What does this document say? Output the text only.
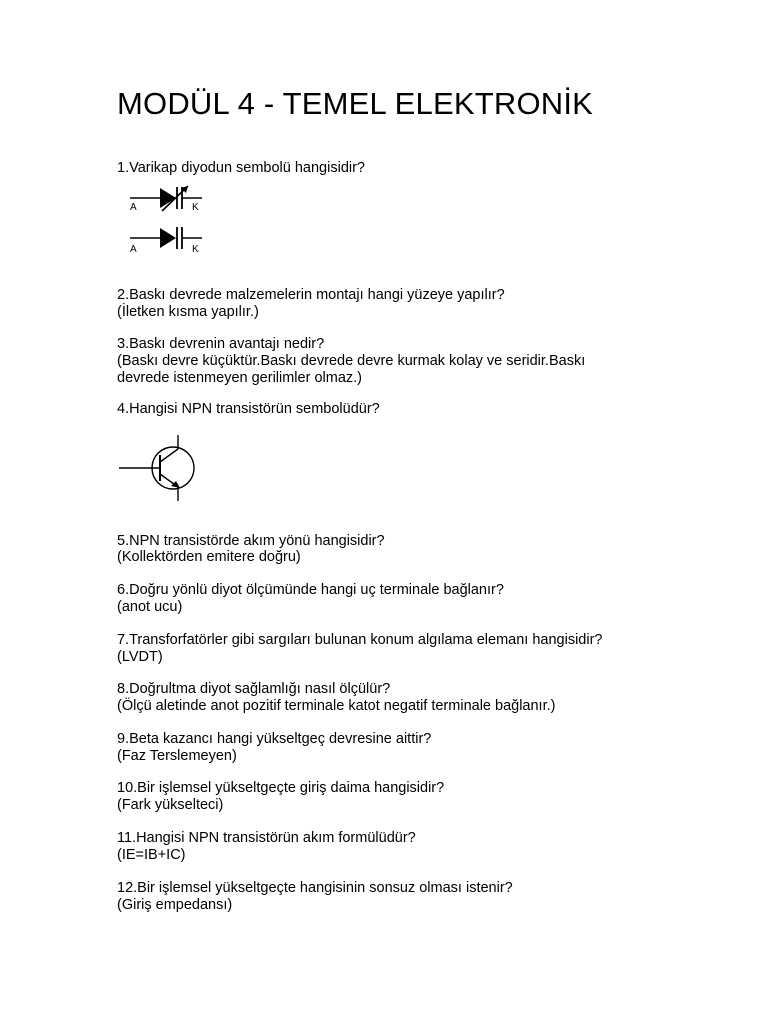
MODÜL 4 - TEMEL ELEKTRONİK
1.Varikap diyodun sembolü hangisidir?
A	K
A	K
2.Baskı devrede malzemelerin montajı hangi yüzeye yapılır?
(İletken kısma yapılır.)
3.Baskı devrenin avantajı nedir?
(Baskı devre küçüktür.Baskı devrede devre kurmak kolay ve seridir.Baskı
devrede istenmeyen gerilimler olmaz.)
4.Hangisi NPN transistörün sembolüdür?
5.NPN transistörde akım yönü hangisidir?
(Kollektörden emitere doğru)
6.Doğru yönlü diyot ölçümünde hangi uç terminale bağlanır?
(anot ucu)
7.Transforfatörler gibi sargıları bulunan konum algılama elemanı hangisidir?
(LVDT)
8.Doğrultma diyot sağlamlığı nasıl ölçülür?
(Ölçü aletinde anot pozitif terminale katot negatif terminale bağlanır.)
9.Beta kazancı hangi yükseltgeç devresine aittir?
(Faz Terslemeyen)
10.Bir işlemsel yükseltgeçte giriş daima hangisidir?
(Fark yükselteci)
11.Hangisi NPN transistörün akım formülüdür?
(IE=IB+IC)
12.Bir işlemsel yükseltgeçte hangisinin sonsuz olması istenir?
(Giriş empedansı)
